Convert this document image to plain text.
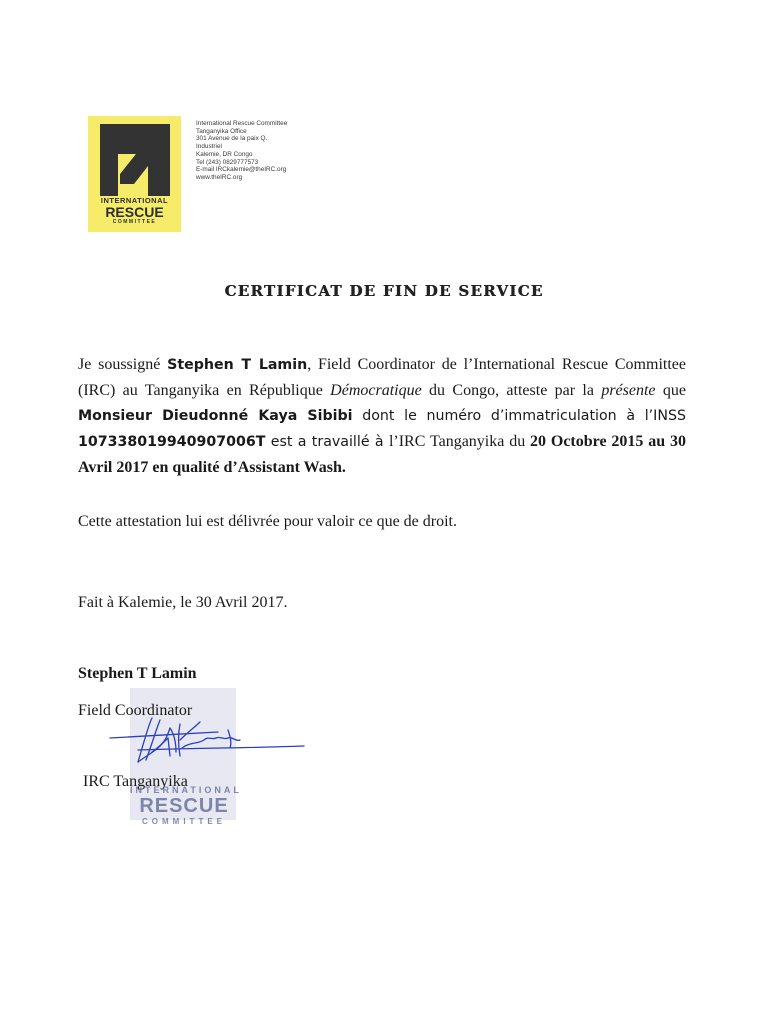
INTERNATIONAL
RESCUE
COMMITTEE
International Rescue Committee
Tanganyika Office
301 Avenue de la paix Q.
Industriel
Kalemie, DR Congo
Tel (243) 0829777573
E-mail IRCkalemie@theIRC.org
www.theIRC.org
CERTIFICAT DE FIN DE SERVICE
Je soussigné Stephen T Lamin, Field Coordinator de l’International Rescue Committee (IRC) au Tanganyika en République Démocratique du Congo, atteste par la présente que Monsieur Dieudonné Kaya Sibibi dont le numéro d’immatriculation à l’INSS 107338019940907006T est a travaillé à l’IRC Tanganyika du 20 Octobre 2015 au 30 Avril 2017 en qualité d’Assistant Wash.
Cette attestation lui est délivrée pour valoir ce que de droit.
Fait à Kalemie, le 30 Avril 2017.
Stephen T Lamin
INTERNATIONAL
RESCUE
COMMITTEE
Field Coordinator
IRC Tanganyika
